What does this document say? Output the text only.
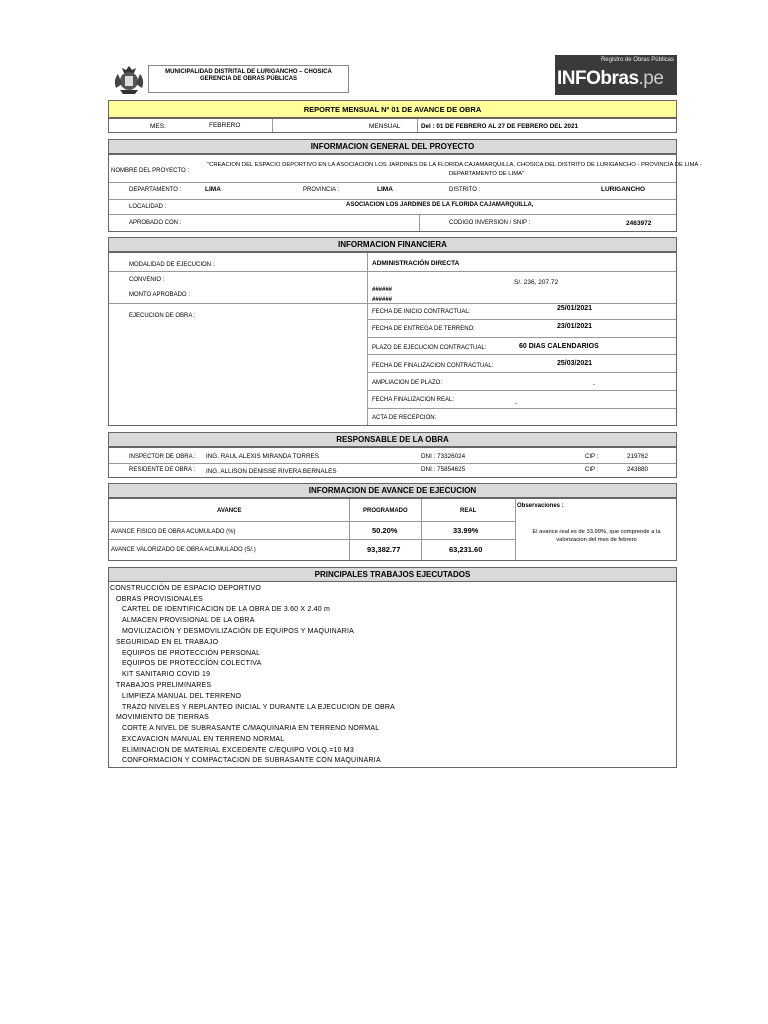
MUNICIPALIDAD DISTRITAL DE LURIGANCHO – CHOSICA
GERENCIA DE OBRAS PÚBLICAS
Registro de Obras Públicas
INFObras.pe
REPORTE MENSUAL Nº 01 DE AVANCE DE OBRA
MES:	FEBRERO	MENSUAL	Del : 01 DE FEBRERO AL 27 DE FEBRERO DEL 2021
INFORMACION GENERAL DEL PROYECTO
NOMBRE DEL PROYECTO :
"CREACION DEL ESPACIO DEPORTIVO EN LA ASOCIACIÓN LOS JARDINES DE LA FLORIDA CAJAMARQUILLA, CHOSICA DEL DISTRITO DE LURIGANCHO - PROVINCIA DE LIMA -
DEPARTAMENTO DE LIMA"
DEPARTAMENTO :	LIMA	PROVINCIA :	LIMA	DISTRITO :	LURIGANCHO
LOCALIDAD :	ASOCIACION LOS JARDINES DE LA FLORIDA CAJAMARQUILLA,
APROBADO CON :	CODIGO INVERSION / SNIP :	2463972
INFORMACION FINANCIERA
MODALIDAD DE EJECUCION :	ADMINISTRACIÓN DIRECTA
CONVENIO :	S/. 236, 207.72
MONTO APROBADO :
######
######
EJECUCION DE OBRA :
FECHA DE INICIO CONTRACTUAL:	25/01/2021
FECHA DE ENTREGA DE TERRENO:	23/01/2021
PLAZO DE EJECUCION CONTRACTUAL:	60 DIAS CALENDARIOS
FECHA DE FINALIZACION CONTRACTUAL:	25/03/2021
AMPLIACION DE PLAZO:	-
FECHA FINALIZACION REAL:
-
ACTA DE RECEPCION:
RESPONSABLE DE LA OBRA
INSPECTOR DE OBRA : ING. RAUL ALEXIS MIRANDA TORRES	DNI : 73326024	CIP :	219762
RESIDENTE DE OBRA : ING. ALLISON DENISSE RIVERA BERNALES	DNI : 75854625	CIP :	243880
INFORMACION DE AVANCE DE EJECUCION
AVANCE	PROGRAMADO	REAL
Observaciones :
AVANCE FISICO DE OBRA ACUMULADO (%)	50.20%	33.99%
AVANCE VALORIZADO DE OBRA ACUMULADO (S/.)	93,382.77	63,231.60
El avance real es de 33.99%, que comprende a la
valorizacion del mes de febrero
PRINCIPALES TRABAJOS EJECUTADOS
CONSTRUCCIÓN DE ESPACIO DEPORTIVO
OBRAS PROVISIONALES
CARTEL DE IDENTIFICACION DE LA OBRA DE 3.60 X 2.40 m
ALMACEN PROVISIONAL DE LA OBRA
MOVILIZACIÓN Y DESMOVILIZACIÓN DE EQUIPOS Y MAQUINARIA
SEGURIDAD EN EL TRABAJO
EQUIPOS DE PROTECCIÓN PERSONAL
EQUIPOS DE PROTECCÍÓN COLECTIVA
KIT SANITARIO COVID 19
TRABAJOS PRELIMINARES
LIMPIEZA MANUAL DEL TERRENO
TRAZO NIVELES Y REPLANTEO INICIAL Y DURANTE LA EJECUCION DE OBRA
MOVIMIENTO DE TIERRAS
CORTE A NIVEL DE SUBRASANTE C/MAQUINARIA EN TERRENO NORMAL
EXCAVACION MANUAL EN TERRENO NORMAL
ELIMINACION DE MATERIAL EXCEDENTE C/EQUIPO VOLQ.=10 M3
CONFORMACION Y COMPACTACION DE SUBRASANTE CON MAQUINARIA
